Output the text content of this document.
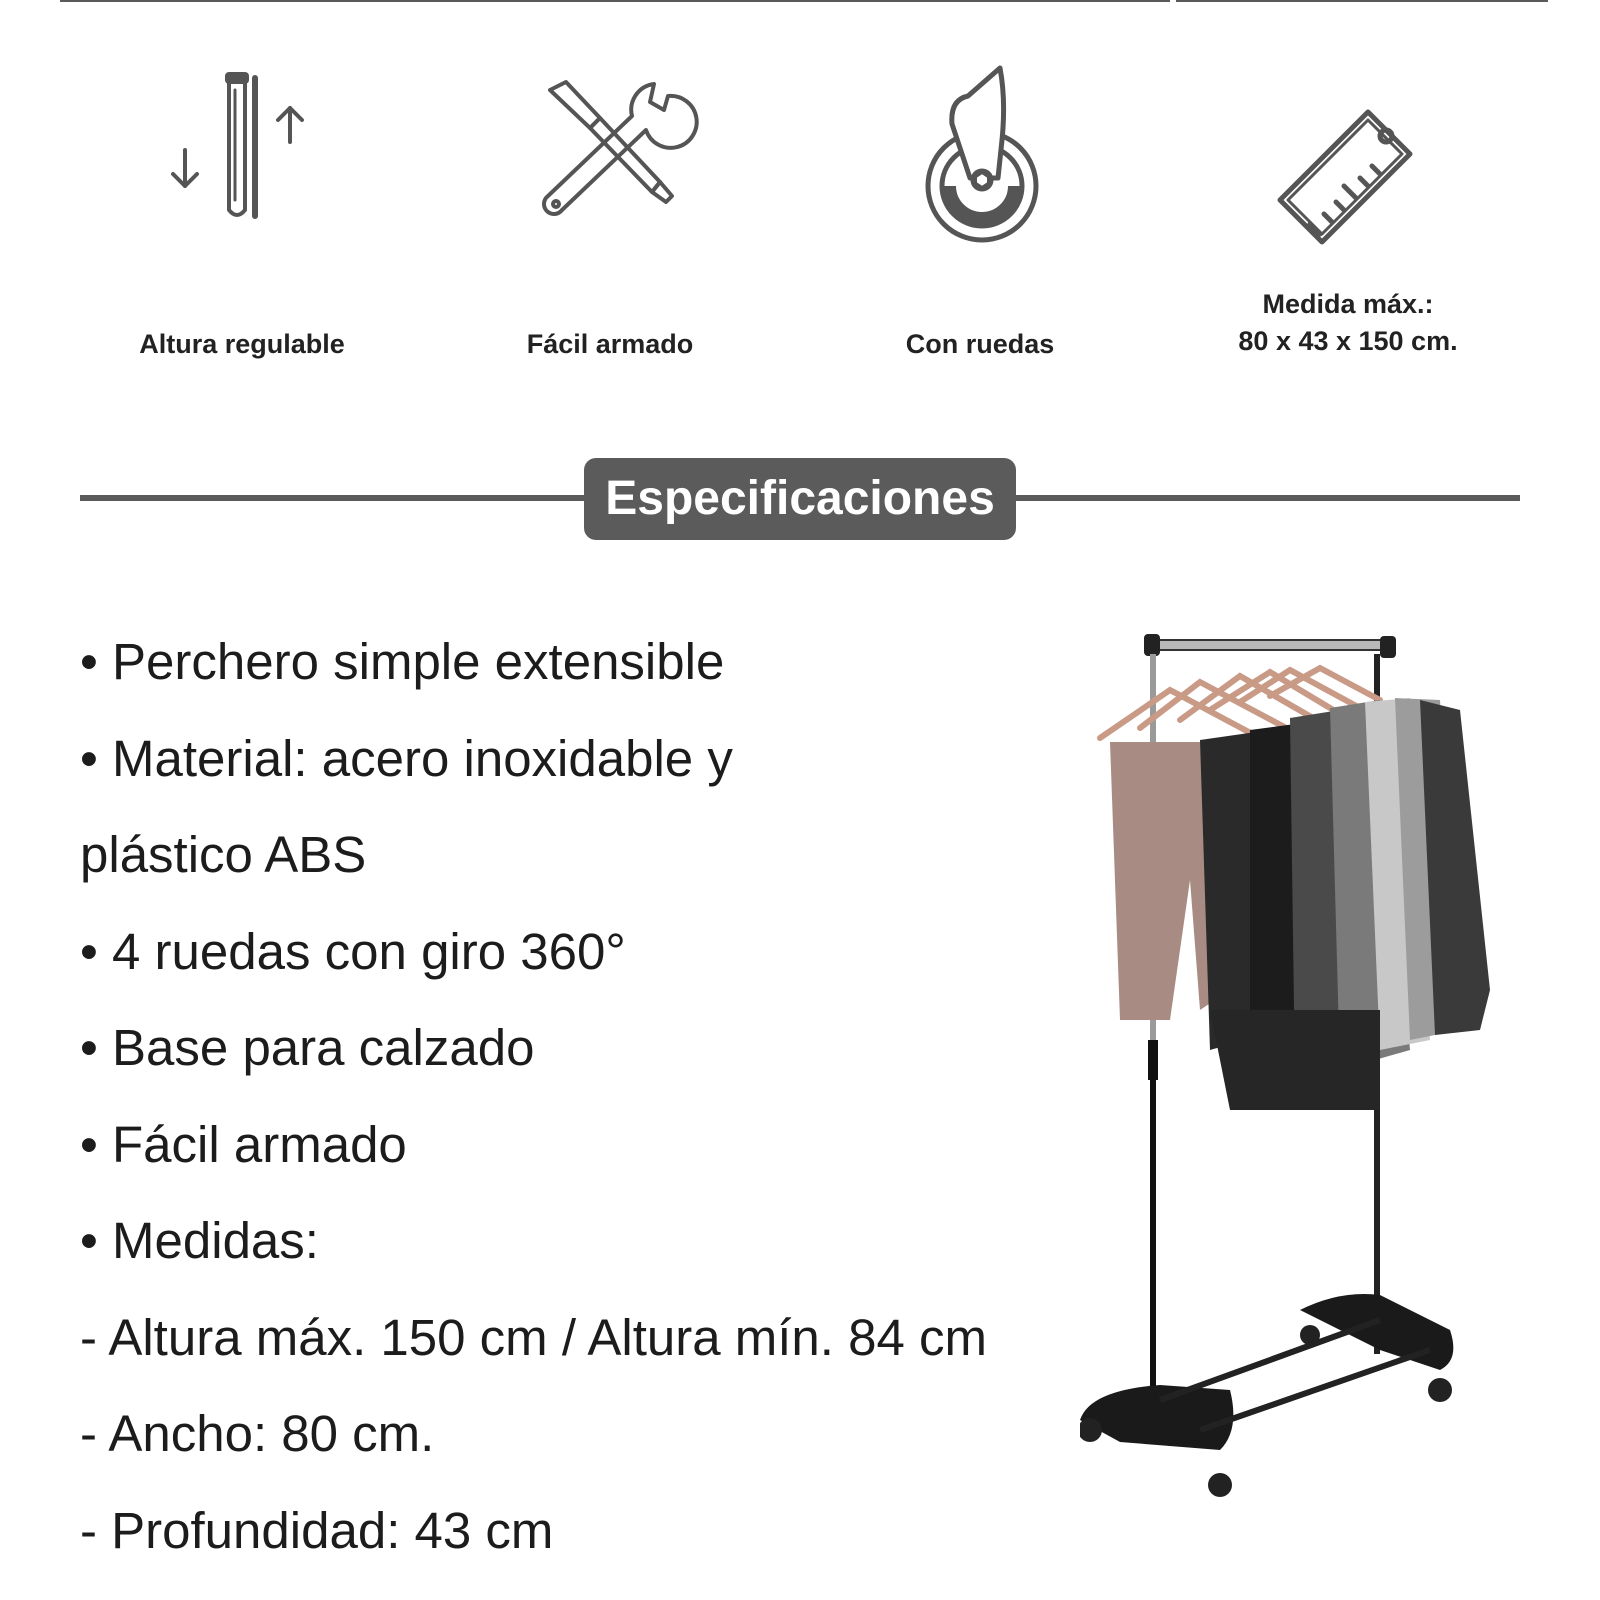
Altura regulable	Fácil armado	Con ruedas
Medida máx.:
80 x 43 x 150 cm.
Especificaciones
• Perchero simple extensible
• Material: acero inoxidable y
plástico ABS
• 4 ruedas con giro 360°
• Base para calzado
• Fácil armado
• Medidas:
- Altura máx. 150 cm / Altura mín. 84 cm
- Ancho: 80 cm.
- Profundidad: 43 cm
